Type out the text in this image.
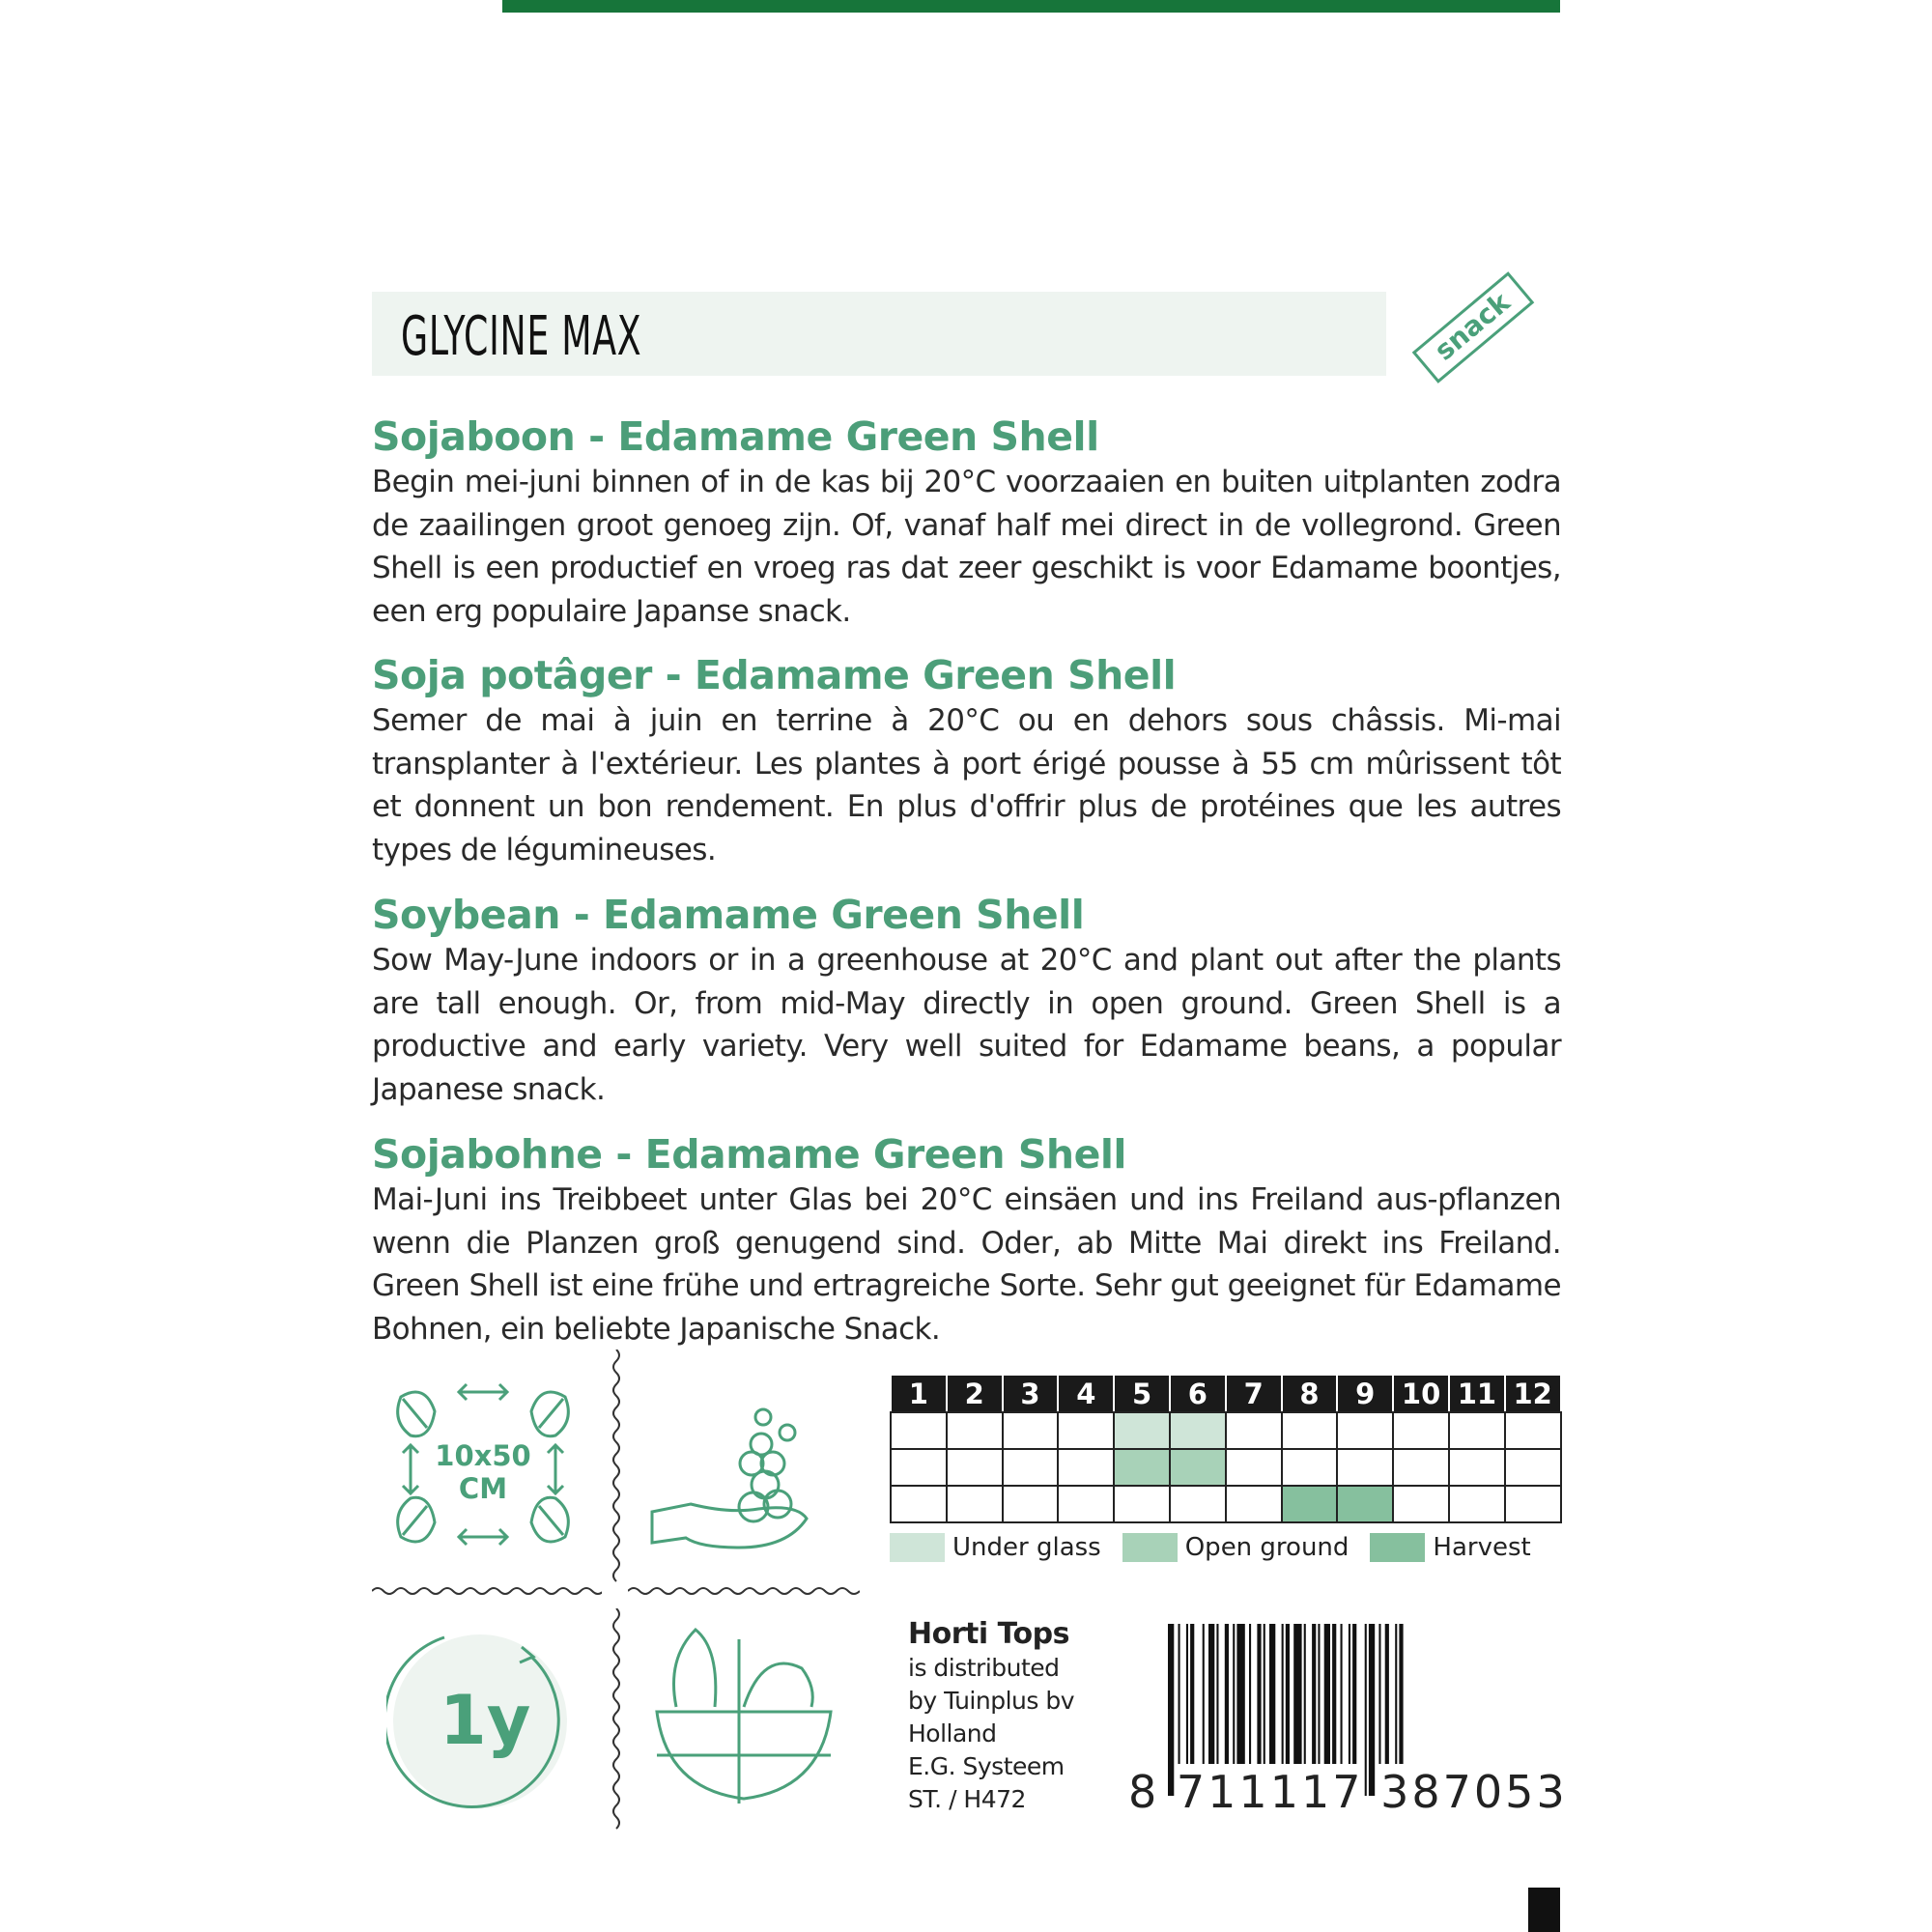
GLYCINE MAX	snack
Sojaboon - Edamame Green Shell

Begin mei-juni binnen of in de kas bij 20°C voorzaaien en buiten uitplanten zodra de zaailingen groot genoeg zijn. Of, vanaf half mei direct in de vollegrond. Green Shell is een productief en vroeg ras dat zeer geschikt is voor Edamame boontjes, een erg populaire Japanse snack.

Soja potâger - Edamame Green Shell

Semer de mai à juin en terrine à 20°C ou en dehors sous châssis. Mi-mai transplanter à l'extérieur. Les plantes à port érigé pousse à 55 cm mûrissent tôt et donnent un bon rendement. En plus d'offrir plus de protéines que les autres types de légumineuses.

Soybean - Edamame Green Shell

Sow May-June indoors or in a greenhouse at 20°C and plant out after the plants are tall enough. Or, from mid-May directly in open ground. Green Shell is a productive and early variety. Very well suited for Edamame beans, a popular Japanese snack.

Sojabohne - Edamame Green Shell

Mai-Juni ins Treibbeet unter Glas bei 20°C einsäen und ins Freiland aus-pflanzen wenn die Planzen groß genugend sind. Oder, ab Mitte Mai direkt ins Freiland. Green Shell ist eine frühe und ertragreiche Sorte. Sehr gut geeignet für Edamame Bohnen, ein beliebte Japanische Snack.

10x50
CM
1y
1	2	3	4	5	6	7	8	9	10	11	12

Under glass	Open ground	Harvest
Horti Tops
is distributed
by Tuinplus bv
Holland
E.G. Systeem
ST. / H472	8 711117 387053
